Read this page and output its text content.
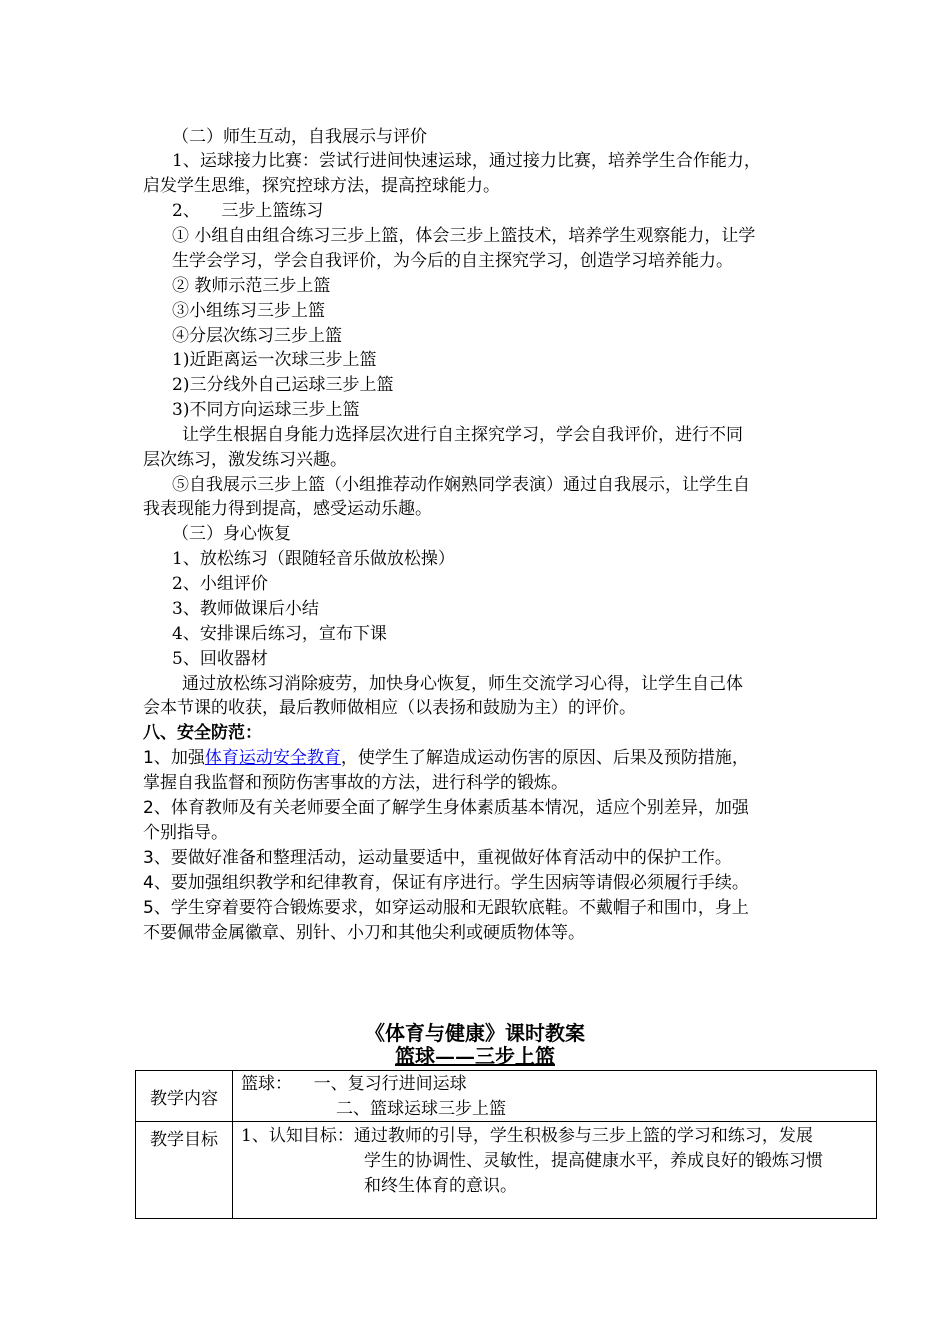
（二）师生互动，自我展示与评价
1、运球接力比赛：尝试行进间快速运球，通过接力比赛，培养学生合作能力，
启发学生思维，探究控球方法，提高控球能力。
2、    三步上篮练习
① 小组自由组合练习三步上篮，体会三步上篮技术，培养学生观察能力，让学
生学会学习，学会自我评价，为今后的自主探究学习，创造学习培养能力。
② 教师示范三步上篮
③小组练习三步上篮
④分层次练习三步上篮
1)近距离运一次球三步上篮
2)三分线外自己运球三步上篮
3)不同方向运球三步上篮
让学生根据自身能力选择层次进行自主探究学习，学会自我评价，进行不同
层次练习，激发练习兴趣。
⑤自我展示三步上篮（小组推荐动作娴熟同学表演）通过自我展示，让学生自
我表现能力得到提高，感受运动乐趣。
（三）身心恢复
1、放松练习（跟随轻音乐做放松操）
2、小组评价
3、教师做课后小结
4、安排课后练习，宣布下课
5、回收器材
通过放松练习消除疲劳，加快身心恢复，师生交流学习心得，让学生自己体
会本节课的收获，最后教师做相应（以表扬和鼓励为主）的评价。
八、安全防范：
1、加强体育运动安全教育，使学生了解造成运动伤害的原因、后果及预防措施，
掌握自我监督和预防伤害事故的方法，进行科学的锻炼。
2、体育教师及有关老师要全面了解学生身体素质基本情况，适应个别差异，加强
个别指导。
3、要做好准备和整理活动，运动量要适中，重视做好体育活动中的保护工作。
4、要加强组织教学和纪律教育，保证有序进行。学生因病等请假必须履行手续。
5、学生穿着要符合锻炼要求，如穿运动服和无跟软底鞋。不戴帽子和围巾，身上
不要佩带金属徽章、别针、小刀和其他尖利或硬质物体等。
《体育与健康》课时教案
篮球——三步上篮
教学内容	篮球：    一、复习行进间运球
二、篮球运球三步上篮

教学目标	1、认知目标：通过教师的引导，学生积极参与三步上篮的学习和练习，发展
学生的协调性、灵敏性，提高健康水平，养成良好的锻炼习惯
和终生体育的意识。
